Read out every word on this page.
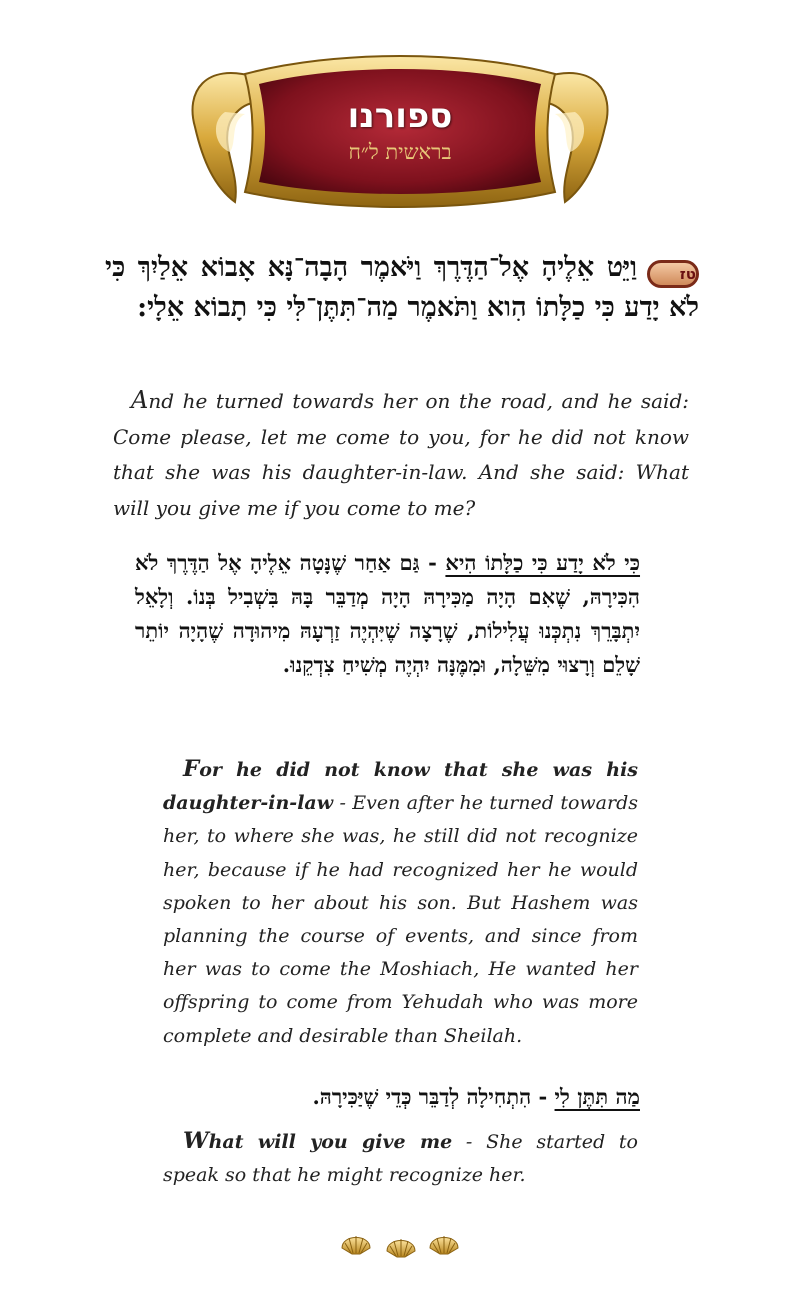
ספורנו
בראשית ל״ח
טזוַיֵּט אֵלֶיהָ אֶל־הַדֶּרֶךְ וַיֹּאמֶר הָבָה־נָּא אָבוֹא אֵלַיִךְ כִּי לֹא יָדַע כִּי כַלָּתוֹ הִוא וַתֹּאמֶר מַה־תִּתֶּן־לִּי כִּי תָבוֹא אֵלָי:
And he turned towards her on the road, and he said: Come please, let me come to you, for he did not know that she was his daughter-in-law. And she said: What will you give me if you come to me?
כִּי לֹא יָדַע כִּי כַלָּתוֹ הִיא - גַּם אַחַר שֶׁנָּטָה אֵלֶיהָ אֶל הַדֶּרֶךְ לֹא הִכִּירָהּ, שֶׁאִם הָיָה מַכִּירָהּ הָיָה מְדַבֵּר בָּהּ בִּשְׁבִיל בְּנוֹ. וְלָאֵל יִתְבָּרֵךְ נִתְכְּנוּ עֲלִילוֹת, שֶׁרָצָה שֶׁיִּהְיֶה זַרְעָהּ מִיהוּדָה שֶׁהָיָה יוֹתֵר שָׁלֵם וְרָצוּי מִשֵּׁלָה, וּמִמֶּנָּה יִהְיֶה מְשִׁיחַ צִדְקֵנוּ.
For he did not know that she was his daughter-in-law - Even after he turned towards her, to where she was, he still did not recognize her, because if he had recognized her he would spoken to her about his son. But Hashem was planning the course of events, and since from her was to come the Moshiach, He wanted her offspring to come from Yehudah who was more complete and desirable than Sheilah.
מַה תִּתֶּן לִי - הִתְחִילָה לְדַבֵּר כְּדֵי שֶׁיַּכִּירָהּ.
What will you give me - She started to speak so that he might recognize her.
